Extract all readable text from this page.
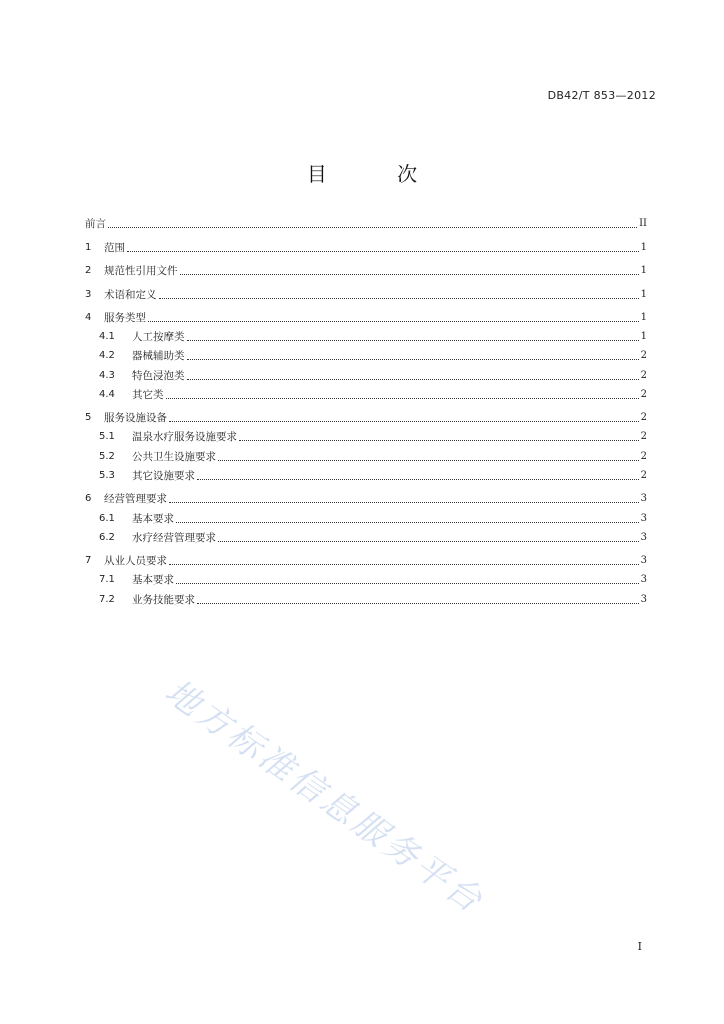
DB42/T 853—2012
目 次
前言	II
1	范围	1
2	规范性引用文件	1
3	术语和定义	1
4	服务类型	1
4.1	人工按摩类	1
4.2	器械辅助类	2
4.3	特色浸泡类	2
4.4	其它类	2
5	服务设施设备	2
5.1	温泉水疗服务设施要求	2
5.2	公共卫生设施要求	2
5.3	其它设施要求	2
6	经营管理要求	3
6.1	基本要求	3
6.2	水疗经营管理要求	3
7	从业人员要求	3
7.1	基本要求	3
7.2	业务技能要求	3
地方标准信息服务平台
I
